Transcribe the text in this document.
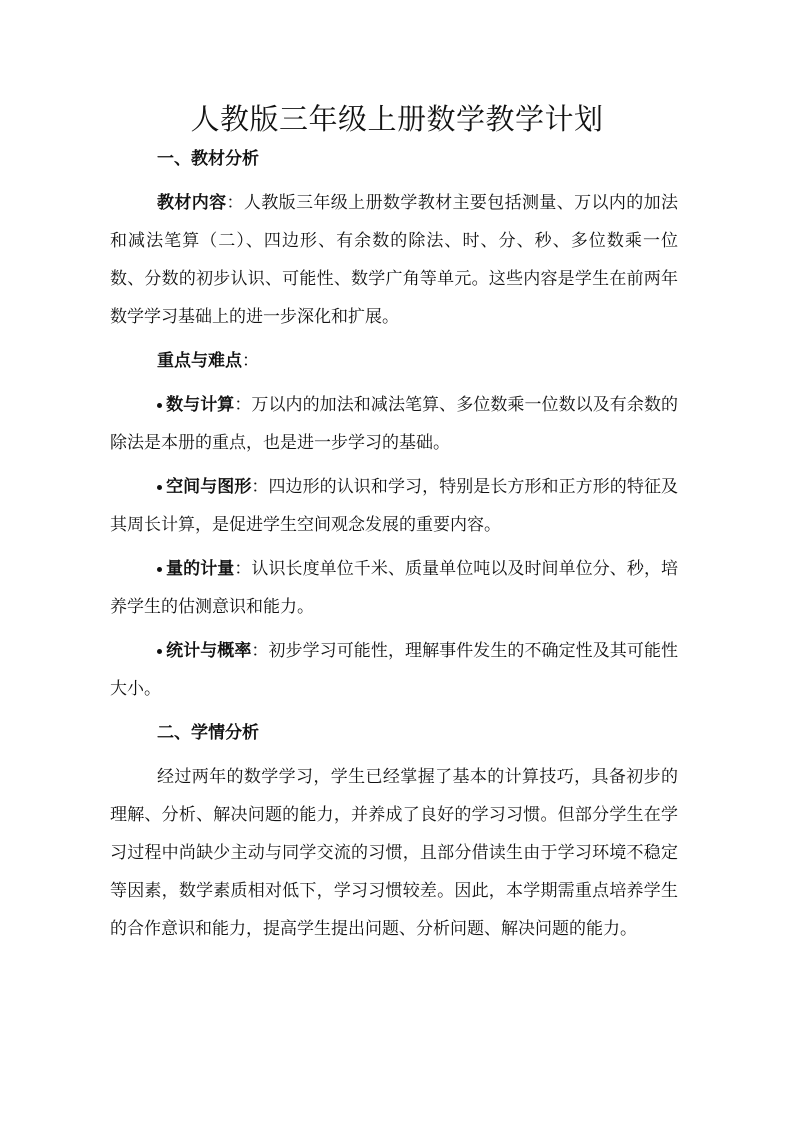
人教版三年级上册数学教学计划
一、教材分析

教材内容：人教版三年级上册数学教材主要包括测量、万以内的加法和减法笔算（二）、四边形、有余数的除法、时、分、秒、多位数乘一位数、分数的初步认识、可能性、数学广角等单元。这些内容是学生在前两年数学学习基础上的进一步深化和扩展。

重点与难点：

数与计算：万以内的加法和减法笔算、多位数乘一位数以及有余数的除法是本册的重点，也是进一步学习的基础。

空间与图形：四边形的认识和学习，特别是长方形和正方形的特征及其周长计算，是促进学生空间观念发展的重要内容。

量的计量：认识长度单位千米、质量单位吨以及时间单位分、秒，培养学生的估测意识和能力。

统计与概率：初步学习可能性，理解事件发生的不确定性及其可能性大小。

二、学情分析

经过两年的数学学习，学生已经掌握了基本的计算技巧，具备初步的理解、分析、解决问题的能力，并养成了良好的学习习惯。但部分学生在学习过程中尚缺少主动与同学交流的习惯，且部分借读生由于学习环境不稳定等因素，数学素质相对低下，学习习惯较差。因此，本学期需重点培养学生的合作意识和能力，提高学生提出问题、分析问题、解决问题的能力。
